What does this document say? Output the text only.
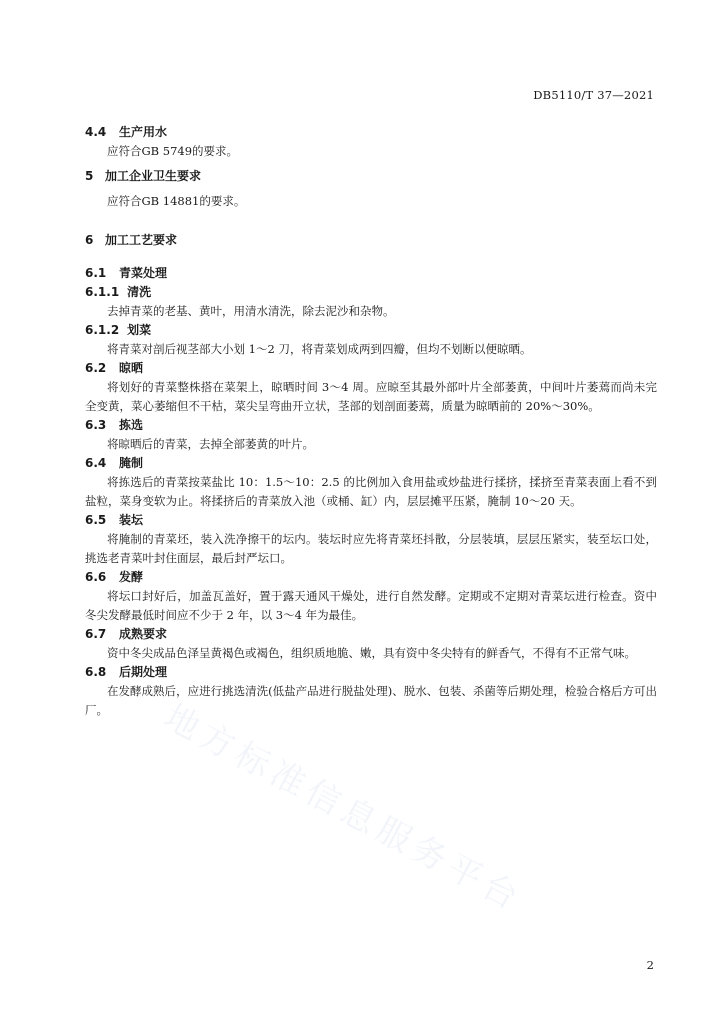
DB5110/T 37—2021
地方标准信息服务平台
4.4 生产用水

应符合GB 5749的要求。

5 加工企业卫生要求

应符合GB 14881的要求。

6 加工工艺要求
6.1 青菜处理
6.1.1 清洗

去掉青菜的老基、黄叶，用清水清洗，除去泥沙和杂物。

6.1.2 划菜

将青菜对剖后视茎部大小划 1～2 刀，将青菜划成两到四瓣，但均不划断以便晾晒。

6.2 晾晒

将划好的青菜整株搭在菜架上，晾晒时间 3～4 周。应晾至其最外部叶片全部萎黄，中间叶片萎蔫而尚未完全变黄，菜心萎缩但不干枯，菜尖呈弯曲开立状，茎部的划剖面萎蔫，质量为晾晒前的 20%～30%。

6.3 拣选

将晾晒后的青菜，去掉全部萎黄的叶片。

6.4 腌制

将拣选后的青菜按菜盐比 10：1.5～10：2.5 的比例加入食用盐或炒盐进行揉挤，揉挤至青菜表面上看不到盐粒，菜身变软为止。将揉挤后的青菜放入池（或桶、缸）内，层层摊平压紧，腌制 10～20 天。

6.5 装坛

将腌制的青菜坯，装入洗净擦干的坛内。装坛时应先将青菜坯抖散，分层装填，层层压紧实，装至坛口处，挑选老青菜叶封住面层，最后封严坛口。

6.6 发酵

将坛口封好后，加盖瓦盖好，置于露天通风干燥处，进行自然发酵。定期或不定期对青菜坛进行检查。资中冬尖发酵最低时间应不少于 2 年，以 3～4 年为最佳。

6.7 成熟要求

资中冬尖成品色泽呈黄褐色或褐色，组织质地脆、嫩，具有资中冬尖特有的鲜香气，不得有不正常气味。

6.8 后期处理

在发酵成熟后，应进行挑选清洗(低盐产品进行脱盐处理)、脱水、包装、杀菌等后期处理，检验合格后方可出厂。

2
